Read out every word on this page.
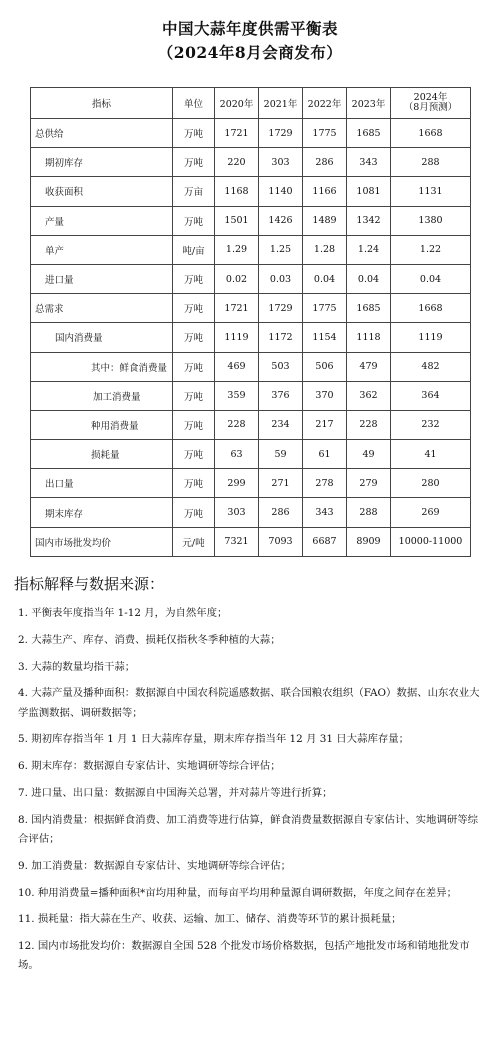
中国大蒜年度供需平衡表
（2024年8月会商发布）
指标	单位	2020年	2021年	2022年	2023年	2024年
（8月预测）

总供给	万吨	1721	1729	1775	1685	1668
期初库存	万吨	220	303	286	343	288
收获面积	万亩	1168	1140	1166	1081	1131
产量	万吨	1501	1426	1489	1342	1380
单产	吨/亩	1.29	1.25	1.28	1.24	1.22
进口量	万吨	0.02	0.03	0.04	0.04	0.04
总需求	万吨	1721	1729	1775	1685	1668
国内消费量	万吨	1119	1172	1154	1118	1119
其中：鲜食消费量	万吨	469	503	506	479	482
加工消费量	万吨	359	376	370	362	364
种用消费量	万吨	228	234	217	228	232
损耗量	万吨	63	59	61	49	41
出口量	万吨	299	271	278	279	280
期末库存	万吨	303	286	343	288	269
国内市场批发均价	元/吨	7321	7093	6687	8909	10000-11000
指标解释与数据来源：

1. 平衡表年度指当年 1-12 月，为自然年度；

2. 大蒜生产、库存、消费、损耗仅指秋冬季种植的大蒜；

3. 大蒜的数量均指干蒜；

4. 大蒜产量及播种面积：数据源自中国农科院遥感数据、联合国粮农组织（FAO）数据、山东农业大学监测数据、调研数据等；

5. 期初库存指当年 1 月 1 日大蒜库存量，期末库存指当年 12 月 31 日大蒜库存量；

6. 期末库存：数据源自专家估计、实地调研等综合评估；

7. 进口量、出口量：数据源自中国海关总署，并对蒜片等进行折算；

8. 国内消费量：根据鲜食消费、加工消费等进行估算，鲜食消费量数据源自专家估计、实地调研等综合评估；

9. 加工消费量：数据源自专家估计、实地调研等综合评估；

10. 种用消费量=播种面积*亩均用种量，而每亩平均用种量源自调研数据，年度之间存在差异；

11. 损耗量：指大蒜在生产、收获、运输、加工、储存、消费等环节的累计损耗量；

12. 国内市场批发均价：数据源自全国 528 个批发市场价格数据，包括产地批发市场和销地批发市场。
